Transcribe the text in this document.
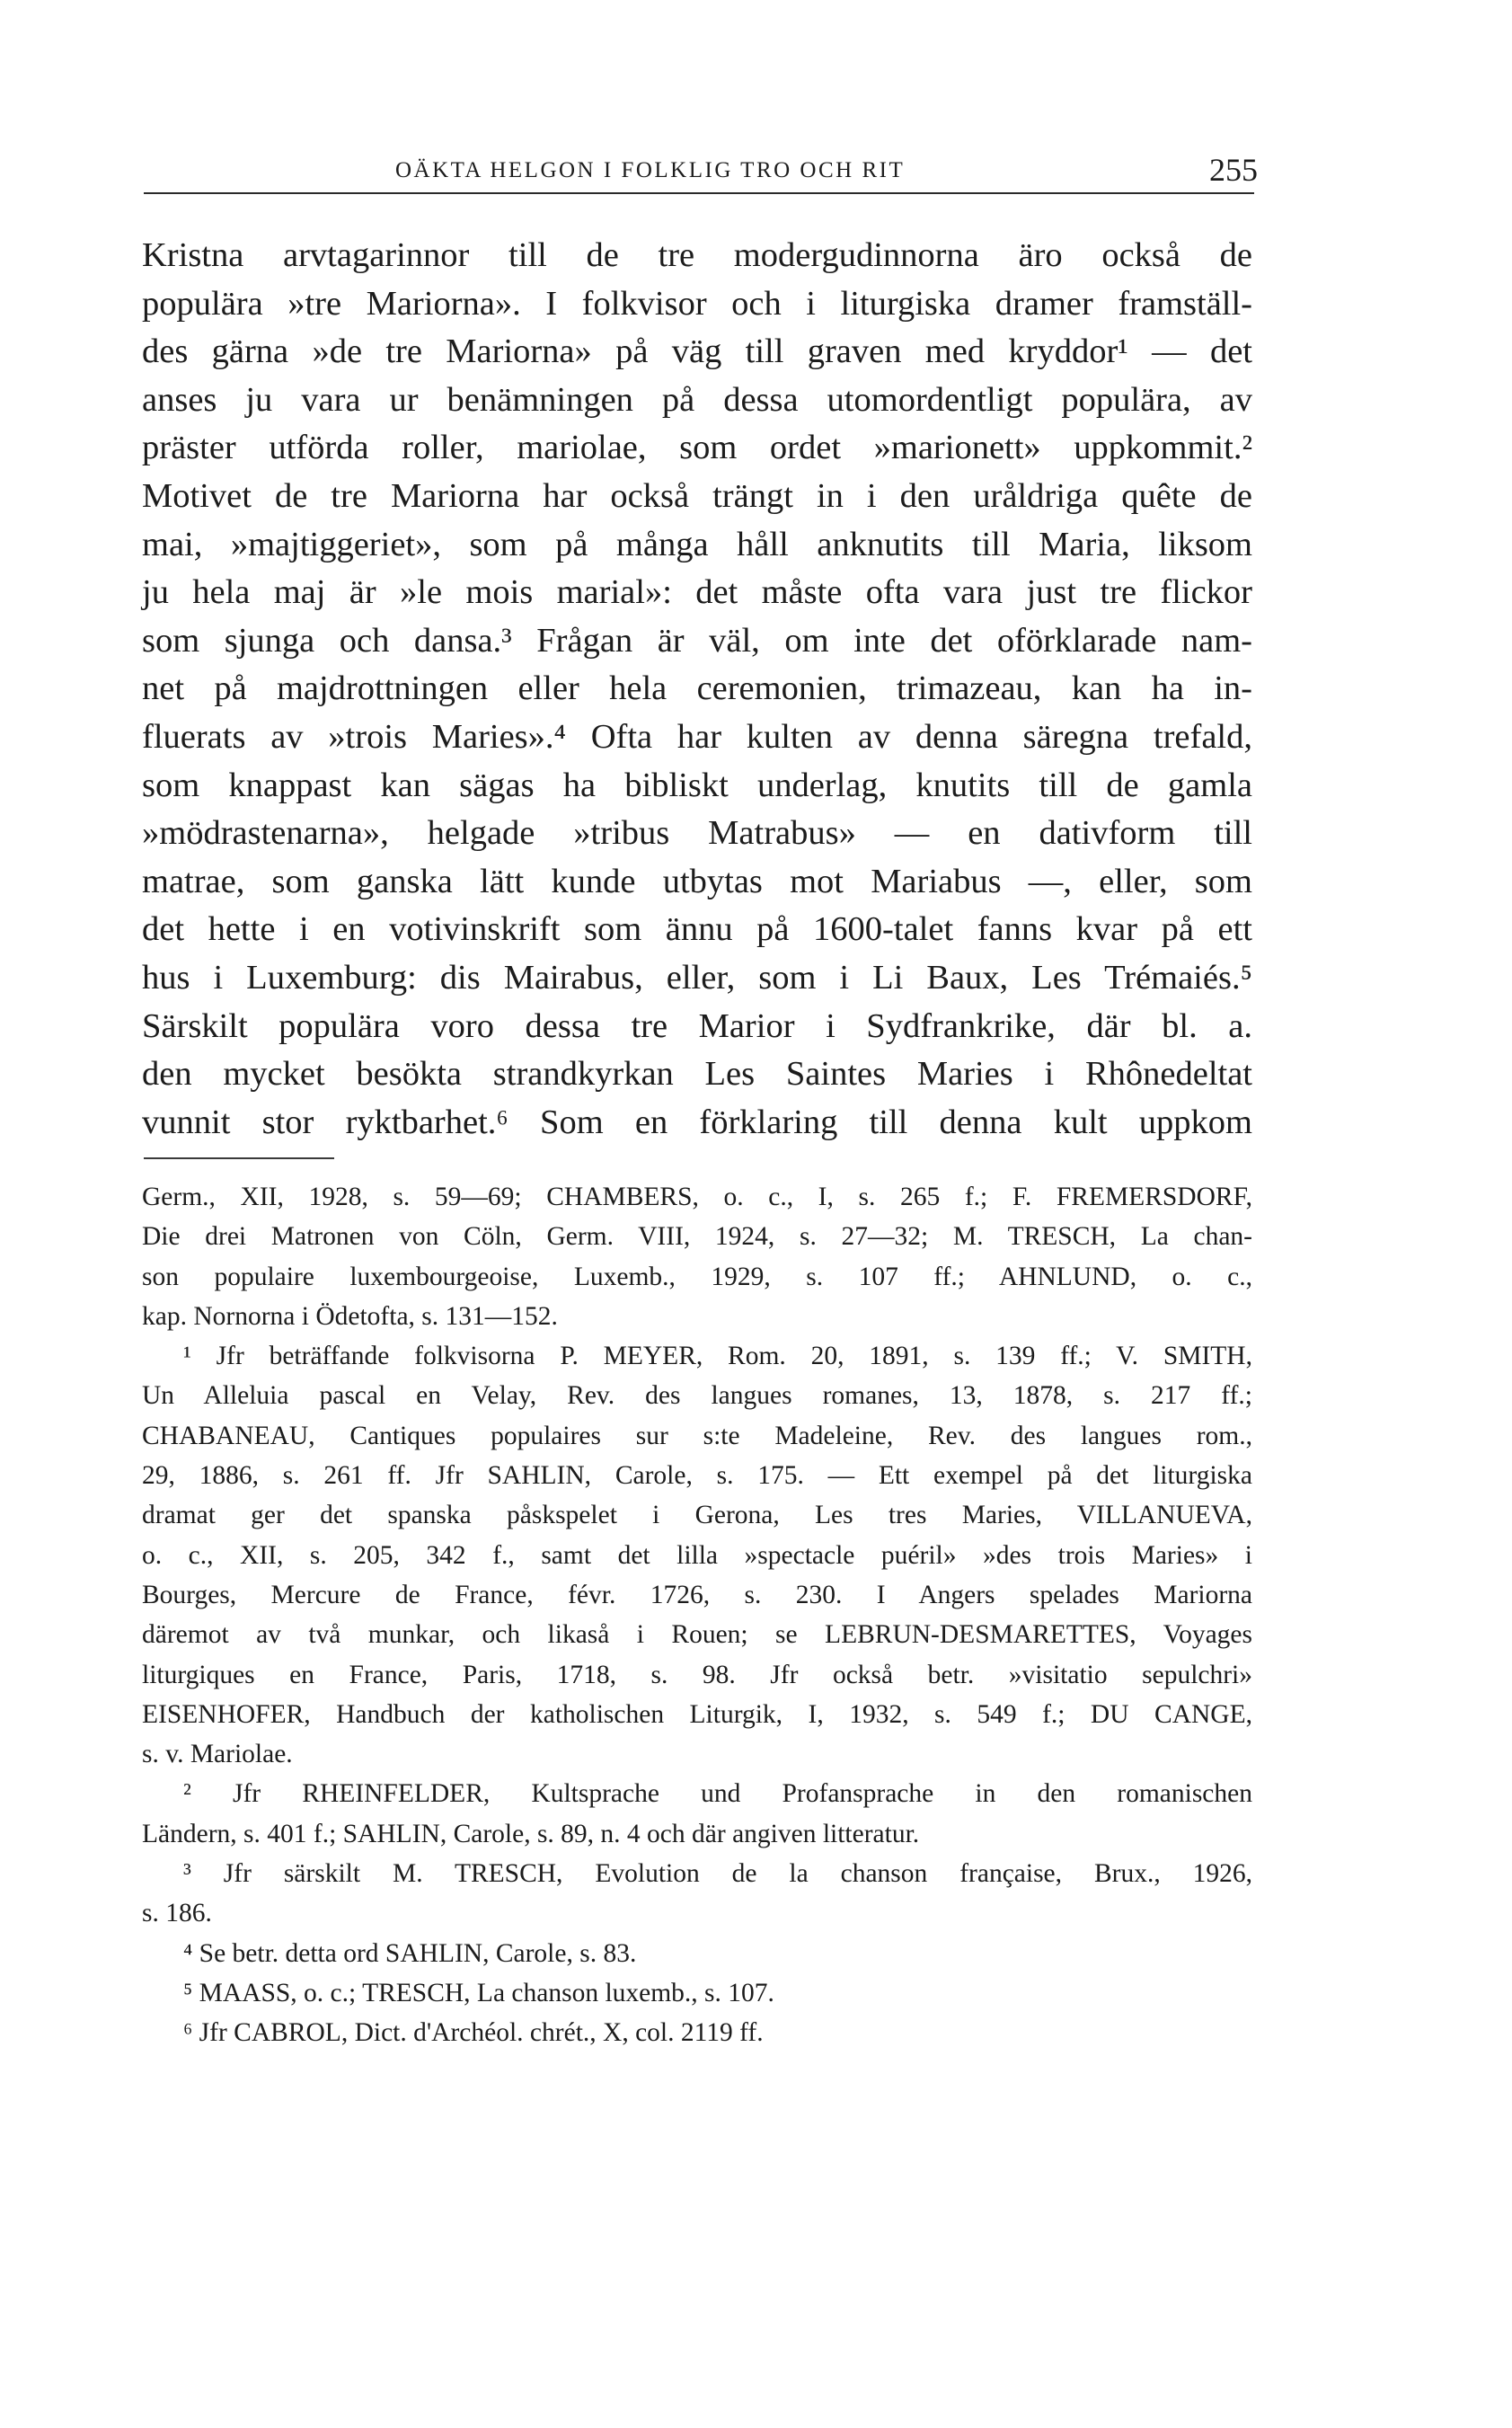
OÄKTA HELGON I FOLKLIG TRO OCH RIT	255
Kristna arvtagarinnor till de tre modergudinnorna äro också de
populära »tre Mariorna». I folkvisor och i liturgiska dramer framställ-
des gärna »de tre Mariorna» på väg till graven med kryddor¹ — det
anses ju vara ur benämningen på dessa utomordentligt populära, av
präster utförda roller, mariolae, som ordet »marionett» uppkommit.²
Motivet de tre Mariorna har också trängt in i den uråldriga quête de
mai, »majtiggeriet», som på många håll anknutits till Maria, liksom
ju hela maj är »le mois marial»: det måste ofta vara just tre flickor
som sjunga och dansa.³ Frågan är väl, om inte det oförklarade nam-
net på majdrottningen eller hela ceremonien, trimazeau, kan ha in-
fluerats av »trois Maries».⁴ Ofta har kulten av denna säregna trefald,
som knappast kan sägas ha bibliskt underlag, knutits till de gamla
»mödrastenarna», helgade »tribus Matrabus» — en dativform till
matrae, som ganska lätt kunde utbytas mot Mariabus —, eller, som
det hette i en votivinskrift som ännu på 1600-talet fanns kvar på ett
hus i Luxemburg: dis Mairabus, eller, som i Li Baux, Les Trémaiés.⁵
Särskilt populära voro dessa tre Marior i Sydfrankrike, där bl. a.
den mycket besökta strandkyrkan Les Saintes Maries i Rhônedeltat
vunnit stor ryktbarhet.⁶ Som en förklaring till denna kult uppkom
Germ., XII, 1928, s. 59—69; CHAMBERS, o. c., I, s. 265 f.; F. FREMERSDORF,
Die drei Matronen von Cöln, Germ. VIII, 1924, s. 27—32; M. TRESCH, La chan-
son populaire luxembourgeoise, Luxemb., 1929, s. 107 ff.; AHNLUND, o. c.,
kap. Nornorna i Ödetofta, s. 131—152.
¹ Jfr beträffande folkvisorna P. MEYER, Rom. 20, 1891, s. 139 ff.; V. SMITH,
Un Alleluia pascal en Velay, Rev. des langues romanes, 13, 1878, s. 217 ff.;
CHABANEAU, Cantiques populaires sur s:te Madeleine, Rev. des langues rom.,
29, 1886, s. 261 ff. Jfr SAHLIN, Carole, s. 175. — Ett exempel på det liturgiska
dramat ger det spanska påskspelet i Gerona, Les tres Maries, VILLANUEVA,
o. c., XII, s. 205, 342 f., samt det lilla »spectacle puéril» »des trois Maries» i
Bourges, Mercure de France, févr. 1726, s. 230. I Angers spelades Mariorna
däremot av två munkar, och likaså i Rouen; se LEBRUN-DESMARETTES, Voyages
liturgiques en France, Paris, 1718, s. 98. Jfr också betr. »visitatio sepulchri»
EISENHOFER, Handbuch der katholischen Liturgik, I, 1932, s. 549 f.; DU CANGE,
s. v. Mariolae.
² Jfr RHEINFELDER, Kultsprache und Profansprache in den romanischen
Ländern, s. 401 f.; SAHLIN, Carole, s. 89, n. 4 och där angiven litteratur.
³ Jfr särskilt M. TRESCH, Evolution de la chanson française, Brux., 1926,
s. 186.
⁴ Se betr. detta ord SAHLIN, Carole, s. 83.
⁵ MAASS, o. c.; TRESCH, La chanson luxemb., s. 107.
⁶ Jfr CABROL, Dict. d'Archéol. chrét., X, col. 2119 ff.
